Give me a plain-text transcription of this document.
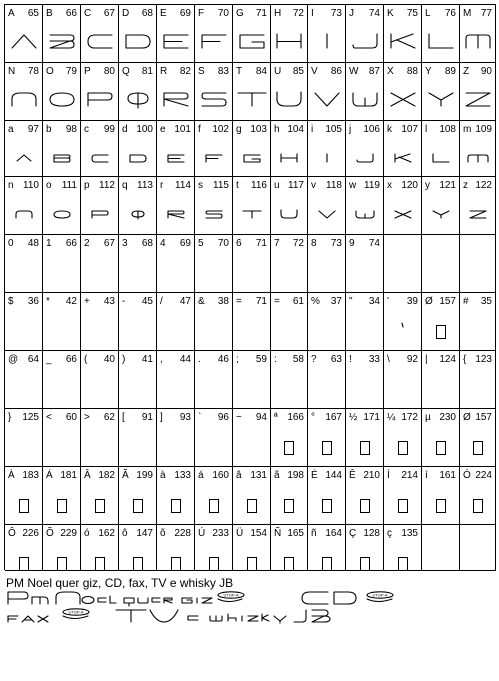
A 65 B 66 C 67 D 68 E 69 F 70 G 71 H 72 I 73 J 74 K 75 L 76 M 77
N 78 O 79 P 80 Q 81 R 82 S 83 T 84 U 85 V 86 W 87 X 88 Y 89 Z 90
a 97 b 98 c 99 d 100 e 101 f 102 g 103 h 104 i 105 j 106 k 107 l 108 m 109
n 110 o 111 p 112 q 113 r 114 s 115 t 116 u 117 v 118 w 119 x 120 y 121 z 122
0 48 1 66 2 67 3 68 4 69 5 70 6 71 7 72 8 73 9 74
$ 36 * 42 + 43 - 45 / 47 & 38 = 71 = 61 % 37 " 34 ' 39 Ø 157 # 35
@ 64 _ 66 ( 40 ) 41 , 44 . 46 ; 59 : 58 ? 63 ! 33 \ 92 | 124 { 123
} 125 < 60 > 62 [ 91 ] 93 ` 96 ~ 94 ª 166 ° 167 ½ 171 ¼ 172 µ 230 Ø 157
À 183 Á 181 Â 182 Ã 199 à 133 á 160 â 131 ã 198 É 144 Ê 210 Í 214 í 161 Ó 224
Ô 226 Õ 229 ó 162 ô 147 õ 228 Ú 233 Ü 154 Ñ 165 ñ 164 Ç 128 ç 135
PM Noel quer giz, CD, fax, TV e whisky JB
UTOP-A	UTOP-A
UTOP-A
